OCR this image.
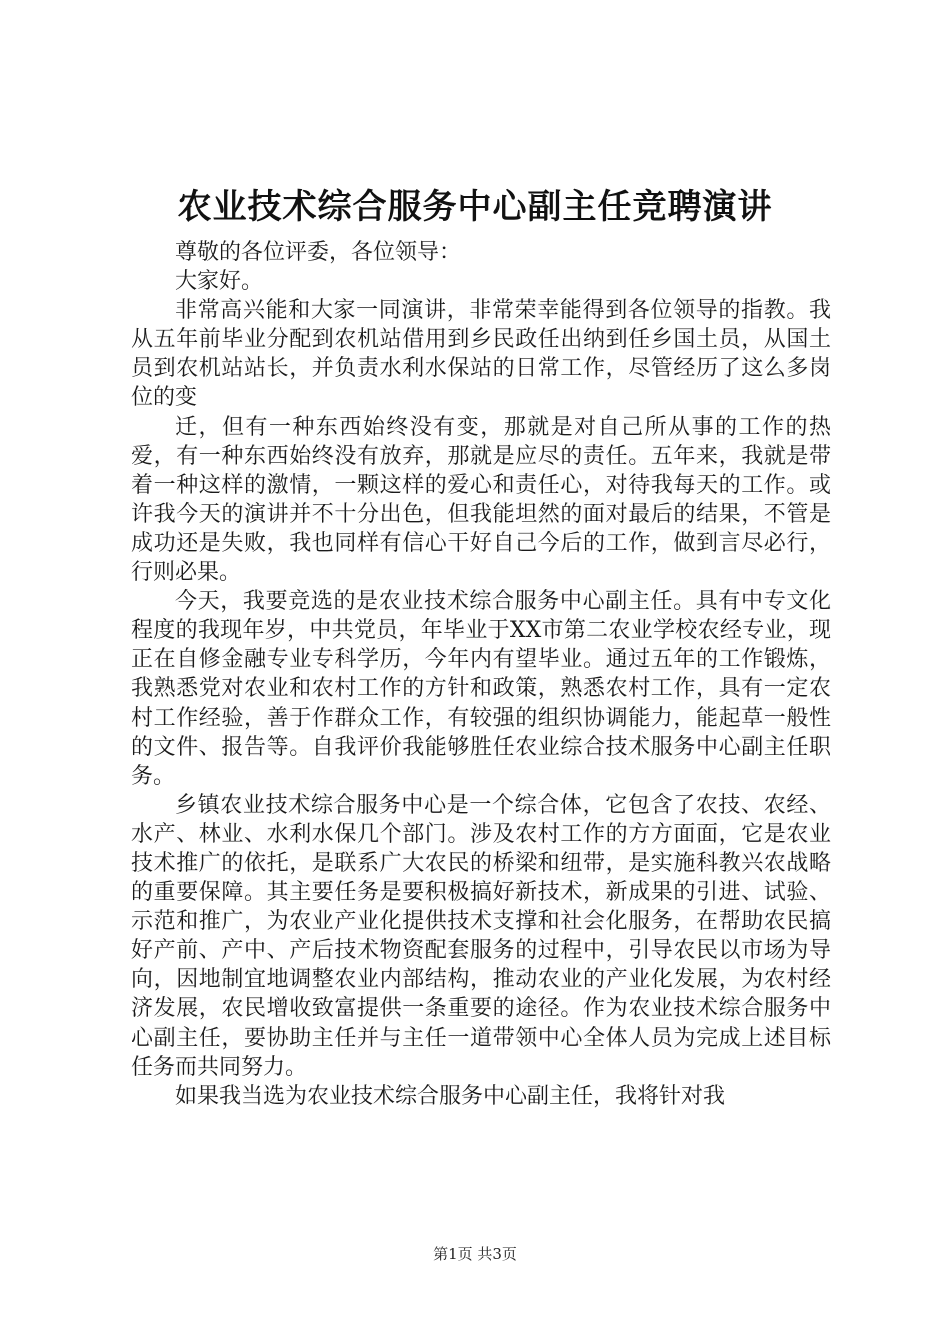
农业技术综合服务中心副主任竞聘演讲

尊敬的各位评委，各位领导：

大家好。

非常高兴能和大家一同演讲，非常荣幸能得到各位领导的指教。我从五年前毕业分配到农机站借用到乡民政任出纳到任乡国土员，从国土员到农机站站长，并负责水利水保站的日常工作，尽管经历了这么多岗位的变

迁，但有一种东西始终没有变，那就是对自己所从事的工作的热爱，有一种东西始终没有放弃，那就是应尽的责任。五年来，我就是带着一种这样的激情，一颗这样的爱心和责任心，对待我每天的工作。或许我今天的演讲并不十分出色，但我能坦然的面对最后的结果，不管是成功还是失败，我也同样有信心干好自己今后的工作，做到言尽必行，行则必果。

今天，我要竞选的是农业技术综合服务中心副主任。具有中专文化程度的我现年岁，中共党员，年毕业于XX市第二农业学校农经专业，现正在自修金融专业专科学历，今年内有望毕业。通过五年的工作锻炼，我熟悉党对农业和农村工作的方针和政策，熟悉农村工作，具有一定农村工作经验，善于作群众工作，有较强的组织协调能力，能起草一般性的文件、报告等。自我评价我能够胜任农业综合技术服务中心副主任职务。

乡镇农业技术综合服务中心是一个综合体，它包含了农技、农经、水产、林业、水利水保几个部门。涉及农村工作的方方面面，它是农业技术推广的依托，是联系广大农民的桥梁和纽带，是实施科教兴农战略的重要保障。其主要任务是要积极搞好新技术，新成果的引进、试验、示范和推广，为农业产业化提供技术支撑和社会化服务，在帮助农民搞好产前、产中、产后技术物资配套服务的过程中，引导农民以市场为导向，因地制宜地调整农业内部结构，推动农业的产业化发展，为农村经济发展，农民增收致富提供一条重要的途径。作为农业技术综合服务中心副主任，要协助主任并与主任一道带领中心全体人员为完成上述目标任务而共同努力。

如果我当选为农业技术综合服务中心副主任，我将针对我

第1页 共3页
